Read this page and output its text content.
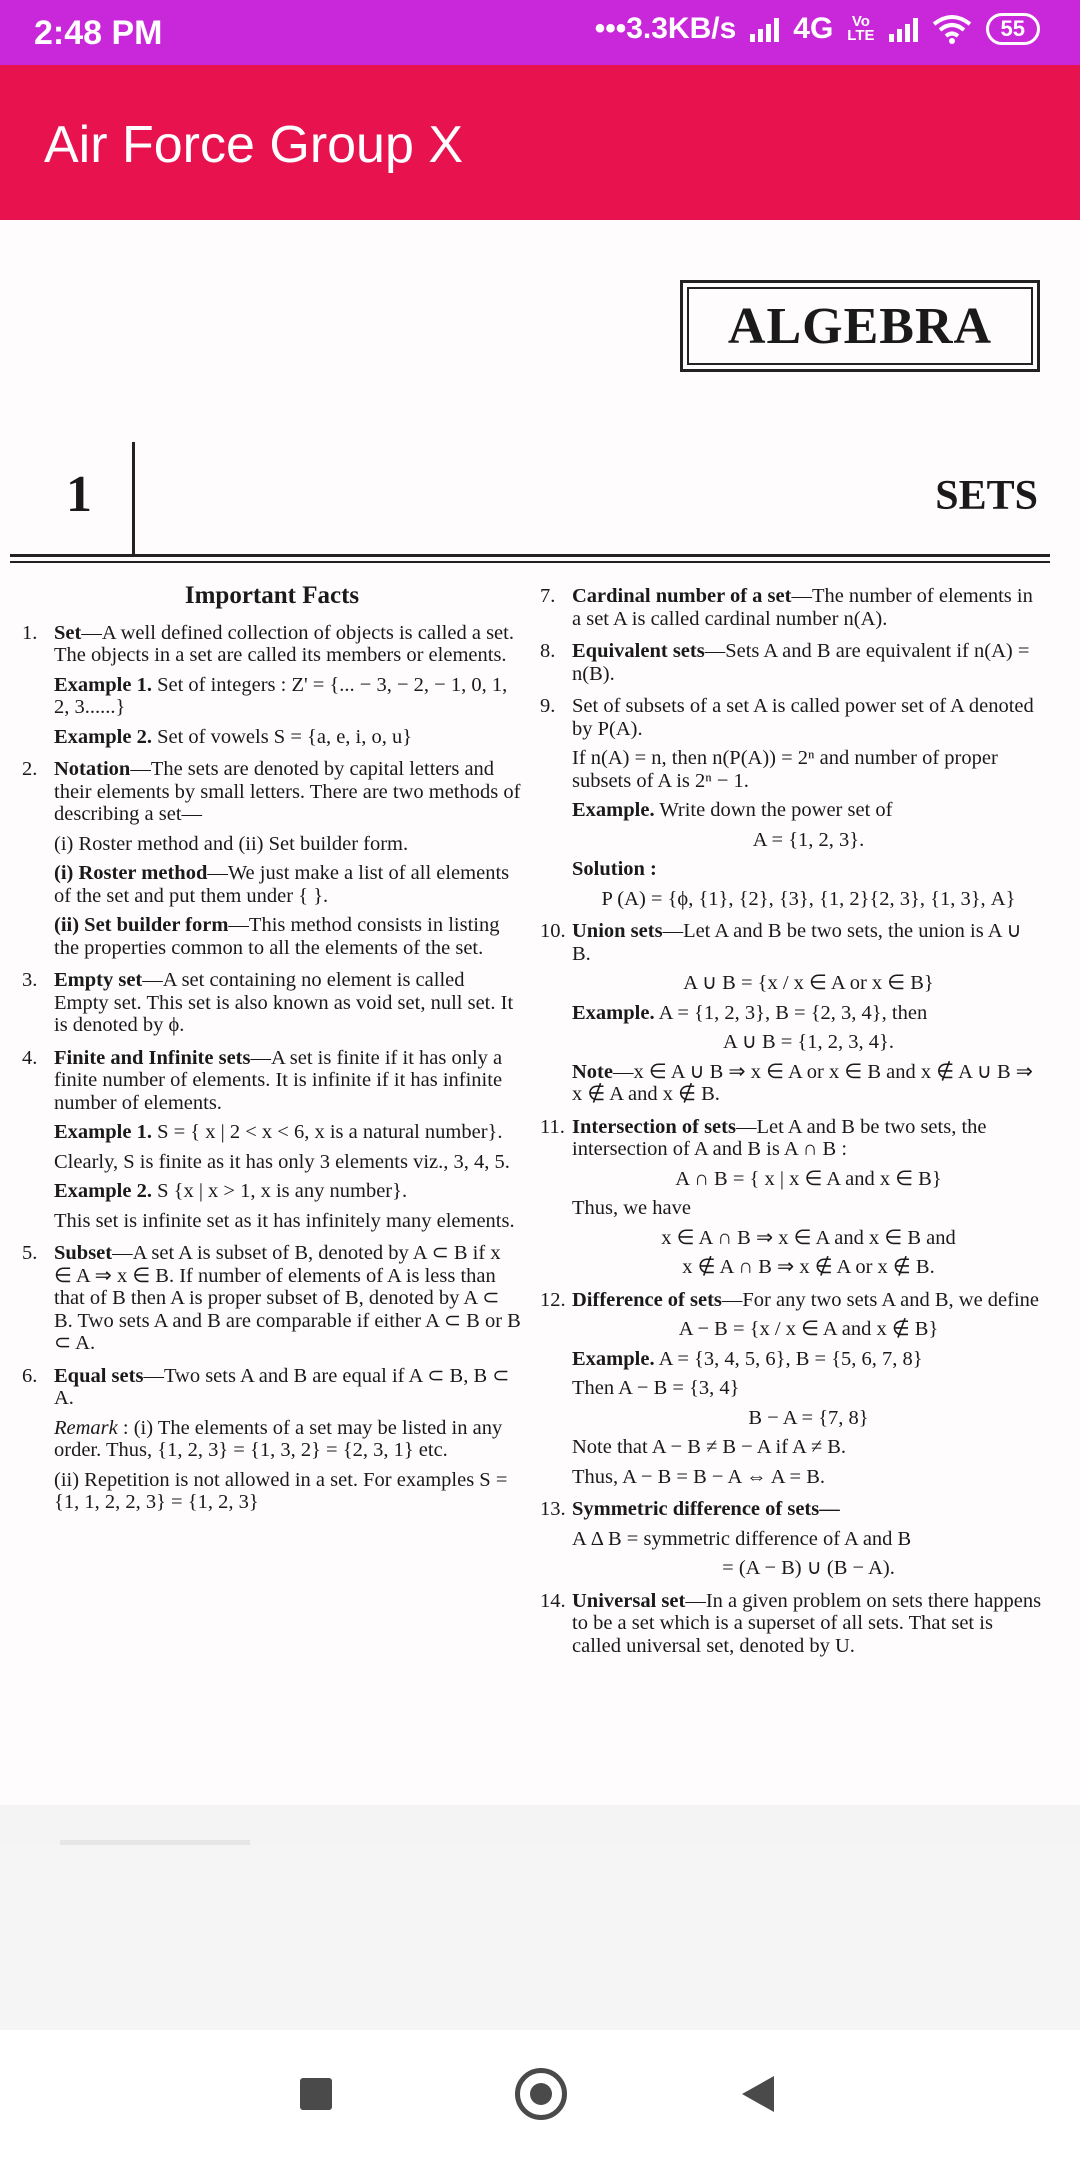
2:48 PM	•••3.3KB/s 4G	Vo
LTE	55
Air Force Group X
ALGEBRA
1	SETS
Important Facts
1. Set—A well defined collection of objects is called a set. The objects in a set are called its members or elements.
Example 1. Set of integers : Z' = {... − 3, − 2, − 1, 0, 1, 2, 3......}
Example 2. Set of vowels S = {a, e, i, o, u}
2. Notation—The sets are denoted by capital letters and their elements by small letters. There are two methods of describing a set—
(i) Roster method and (ii) Set builder form.
(i) Roster method—We just make a list of all elements of the set and put them under { }.
(ii) Set builder form—This method consists in listing the properties common to all the elements of the set.
3. Empty set—A set containing no element is called Empty set. This set is also known as void set, null set. It is denoted by ϕ.
4. Finite and Infinite sets—A set is finite if it has only a finite number of elements. It is infinite if it has infinite number of elements.
Example 1. S = { x | 2 < x < 6, x is a natural number}.
Clearly, S is finite as it has only 3 elements viz., 3, 4, 5.
Example 2. S {x | x > 1, x is any number}.
This set is infinite set as it has infinitely many elements.
5. Subset—A set A is subset of B, denoted by A ⊂ B if x ∈ A ⇒ x ∈ B. If number of elements of A is less than that of B then A is proper subset of B, denoted by A ⊂ B. Two sets A and B are comparable if either A ⊂ B or B ⊂ A.
6. Equal sets—Two sets A and B are equal if A ⊂ B, B ⊂ A.
Remark : (i) The elements of a set may be listed in any order. Thus, {1, 2, 3} = {1, 3, 2} = {2, 3, 1} etc.
(ii) Repetition is not allowed in a set. For examples S = {1, 1, 2, 2, 3} = {1, 2, 3}
7. Cardinal number of a set—The number of elements in a set A is called cardinal number n(A).
8. Equivalent sets—Sets A and B are equivalent if n(A) = n(B).
9. Set of subsets of a set A is called power set of A denoted by P(A).
If n(A) = n, then n(P(A)) = 2ⁿ and number of proper subsets of A is 2ⁿ − 1.
Example. Write down the power set of
A = {1, 2, 3}.
Solution :
P (A) = {ϕ, {1}, {2}, {3}, {1, 2}{2, 3}, {1, 3}, A}
10. Union sets—Let A and B be two sets, the union is A ∪ B.
A ∪ B = {x / x ∈ A or x ∈ B}
Example. A = {1, 2, 3}, B = {2, 3, 4}, then
A ∪ B = {1, 2, 3, 4}.
Note—x ∈ A ∪ B ⇒ x ∈ A or x ∈ B and x ∉ A ∪ B ⇒ x ∉ A and x ∉ B.
11. Intersection of sets—Let A and B be two sets, the intersection of A and B is A ∩ B :
A ∩ B = { x | x ∈ A and x ∈ B}
Thus, we have
x ∈ A ∩ B ⇒ x ∈ A and x ∈ B and
x ∉ A ∩ B ⇒ x ∉ A or x ∉ B.
12. Difference of sets—For any two sets A and B, we define
A − B = {x / x ∈ A and x ∉ B}
Example. A = {3, 4, 5, 6}, B = {5, 6, 7, 8}
Then A − B = {3, 4}
B − A = {7, 8}
Note that A − B ≠ B − A if A ≠ B.
Thus, A − B = B − A ⇔ A = B.
13. Symmetric difference of sets—
A Δ B = symmetric difference of A and B
= (A − B) ∪ (B − A).
14. Universal set—In a given problem on sets there happens to be a set which is a superset of all sets. That set is called universal set, denoted by U.
